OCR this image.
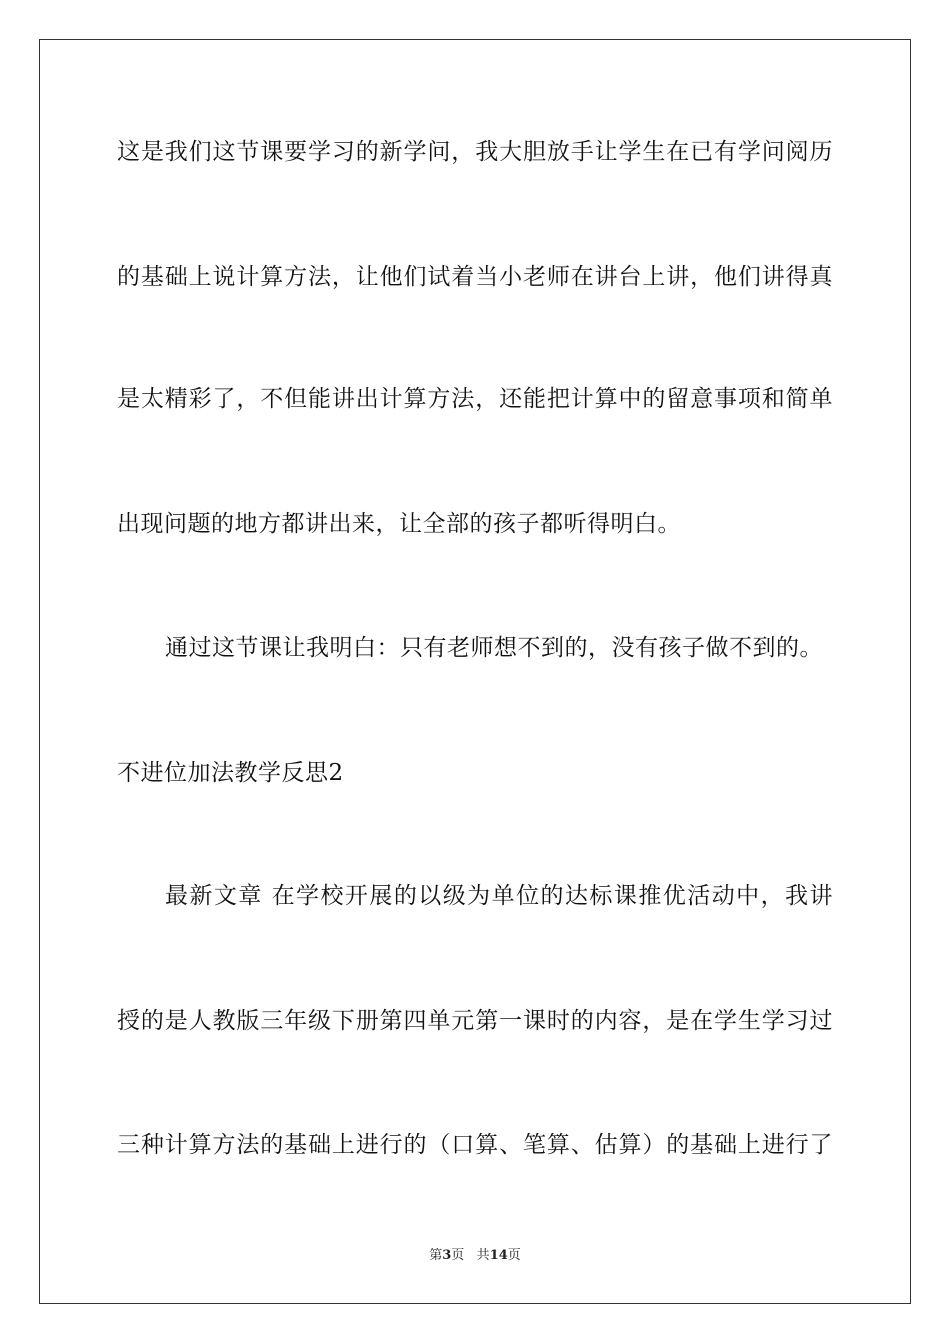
这是我们这节课要学习的新学问，我大胆放手让学生在已有学问阅历
的基础上说计算方法，让他们试着当小老师在讲台上讲，他们讲得真
是太精彩了，不但能讲出计算方法，还能把计算中的留意事项和简单
出现问题的地方都讲出来，让全部的孩子都听得明白。
通过这节课让我明白：只有老师想不到的，没有孩子做不到的。
不进位加法教学反思2
最新文章 在学校开展的以级为单位的达标课推优活动中，我讲
授的是人教版三年级下册第四单元第一课时的内容，是在学生学习过
三种计算方法的基础上进行的（口算、笔算、估算）的基础上进行了
第3页 共14页
